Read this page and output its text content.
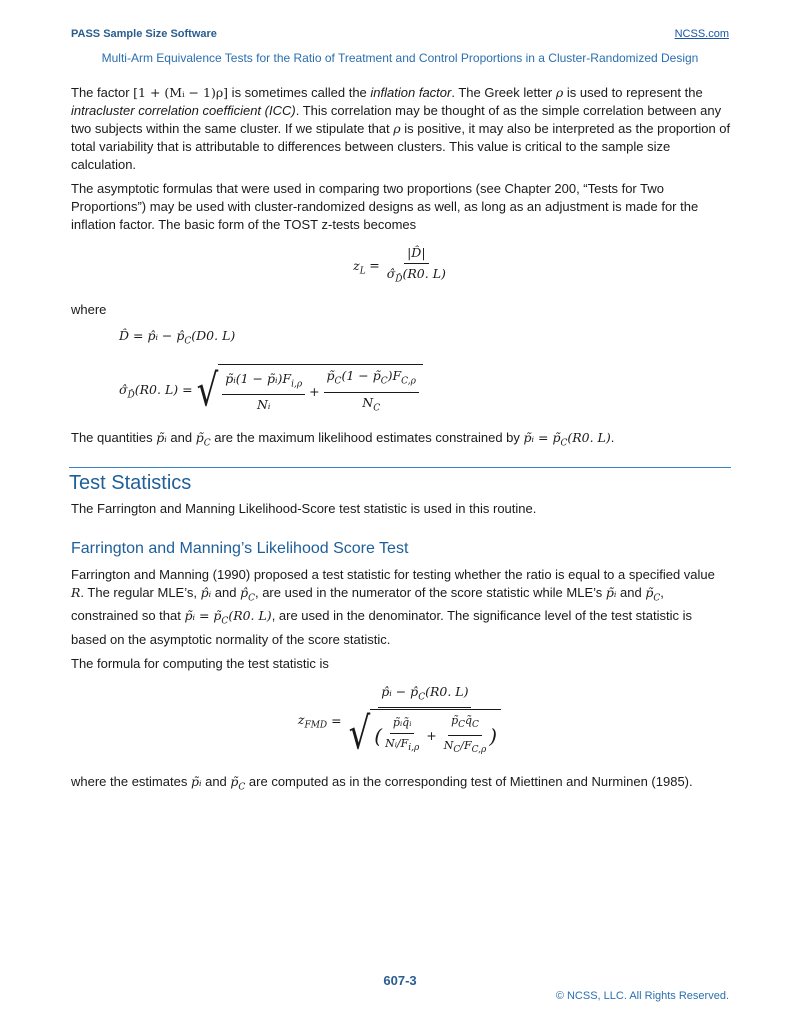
PASS Sample Size Software	NCSS.com
Multi-Arm Equivalence Tests for the Ratio of Treatment and Control Proportions in a Cluster-Randomized Design

The factor [1 + (Mᵢ − 1)ρ] is sometimes called the inflation factor. The Greek letter ρ is used to represent the intracluster correlation coefficient (ICC). This correlation may be thought of as the simple correlation between any two subjects within the same cluster. If we stipulate that ρ is positive, it may also be interpreted as the proportion of total variability that is attributable to differences between clusters. This value is critical to the sample size calculation.

The asymptotic formulas that were used in comparing two proportions (see Chapter 200, “Tests for Two Proportions”) may be used with cluster-randomized designs as well, as long as an adjustment is made for the inflation factor. The basic form of the TOST z-tests becomes

$z_L = \frac{|D̂|}{\sigmâ_{D̂}(R0. L)}$

where

D̂ = p̂ᵢ − $p̂_C(D0$. L)
$\sigmâ_{D̂}(R0$. L) = √ $\frac{p̃ᵢ(1 - p̃ᵢ)F_{i,\rho}}{\text{Nᵢ}} + \frac{p̃_C(1 - p̃_C)F_{C,\rho}}{N_C}$

The quantities p̃ᵢ and $p̃_C$ are the maximum likelihood estimates constrained by p̃ᵢ = $p̃_C(R0$. L).

Test Statistics

The Farrington and Manning Likelihood-Score test statistic is used in this routine.

Farrington and Manning’s Likelihood Score Test

Farrington and Manning (1990) proposed a test statistic for testing whether the ratio is equal to a specified value R. The regular MLE’s, p̂ᵢ and $p̂_C$, are used in the numerator of the score statistic while MLE’s p̃ᵢ and $p̃_C$, constrained so that p̃ᵢ = $p̃_C(R0$. L), are used in the denominator. The significance level of the test statistic is based on the asymptotic normality of the score statistic.

The formula for computing the test statistic is

$z_{FMD}$ =
p̂ᵢ − $p̂_C(R0$. L)
√ ( $\frac{\text{p̃ᵢq̃ᵢ}}{Nᵢ/F_{i,\rho}} + \frac{p̃_Cq̃_C}{N_C/F_{C,\rho}}$ )

where the estimates p̃ᵢ and $p̃_C$ are computed as in the corresponding test of Miettinen and Nurminen (1985).

607-3
© NCSS, LLC. All Rights Reserved.
